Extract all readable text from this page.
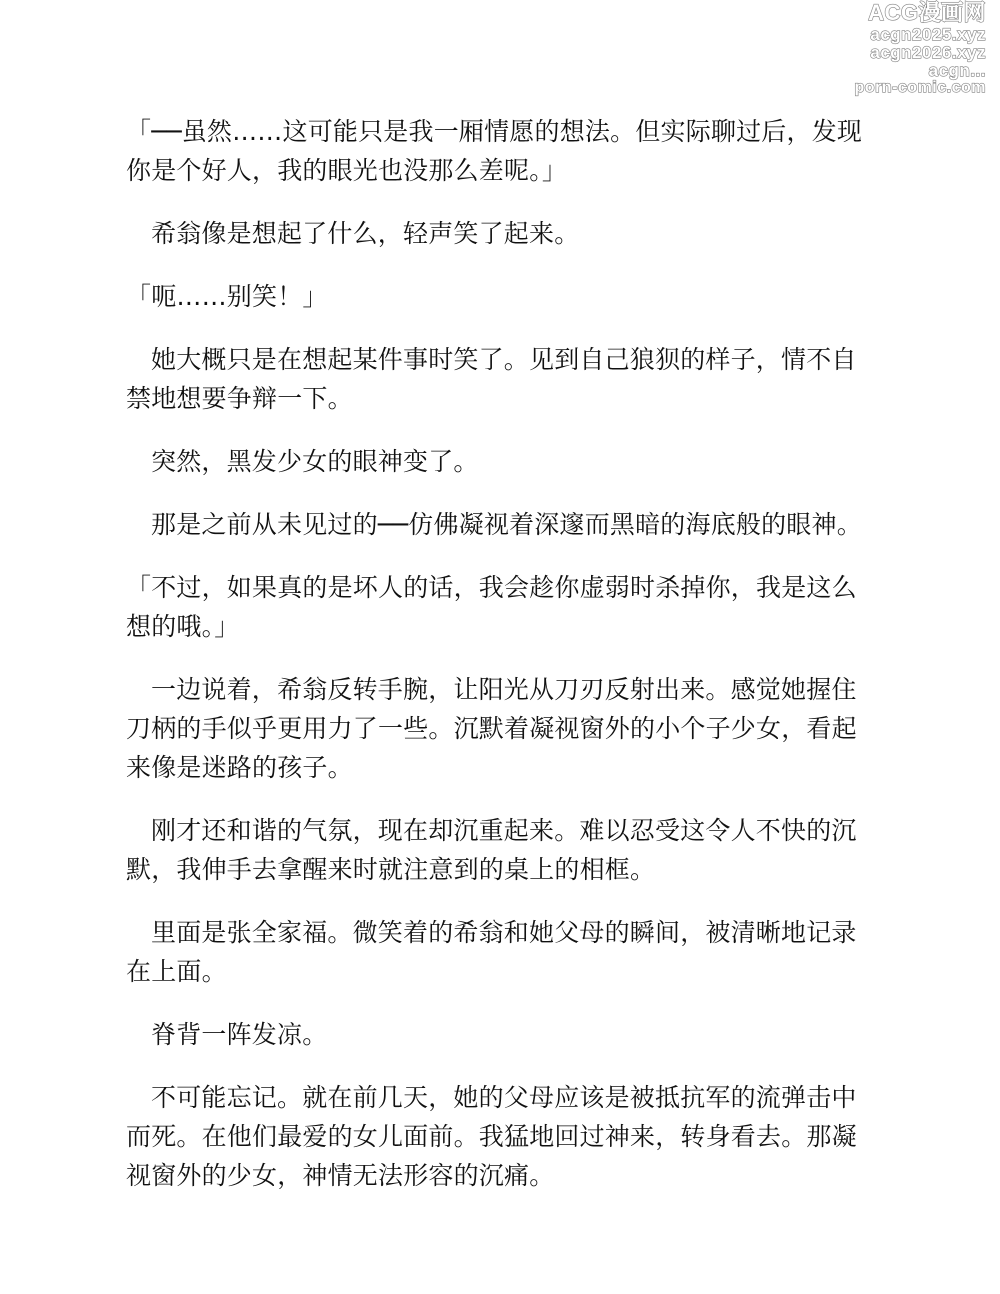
ACG漫画网
acgn2025.xyz
acgn2026.xyz
acgn...
porn-comic.com

「──虽然……这可能只是我一厢情愿的想法。但实际聊过后，发现你是个好人，我的眼光也没那么差呢。」

希翁像是想起了什么，轻声笑了起来。

「呃……别笑！」

她大概只是在想起某件事时笑了。见到自己狼狈的样子，情不自禁地想要争辩一下。

突然，黑发少女的眼神变了。

那是之前从未见过的──仿佛凝视着深邃而黑暗的海底般的眼神。

「不过，如果真的是坏人的话，我会趁你虚弱时杀掉你，我是这么想的哦。」

一边说着，希翁反转手腕，让阳光从刀刃反射出来。感觉她握住刀柄的手似乎更用力了一些。沉默着凝视窗外的小个子少女，看起来像是迷路的孩子。

刚才还和谐的气氛，现在却沉重起来。难以忍受这令人不快的沉默，我伸手去拿醒来时就注意到的桌上的相框。

里面是张全家福。微笑着的希翁和她父母的瞬间，被清晰地记录在上面。

脊背一阵发凉。

不可能忘记。就在前几天，她的父母应该是被抵抗军的流弹击中而死。在他们最爱的女儿面前。我猛地回过神来，转身看去。那凝视窗外的少女，神情无法形容的沉痛。
